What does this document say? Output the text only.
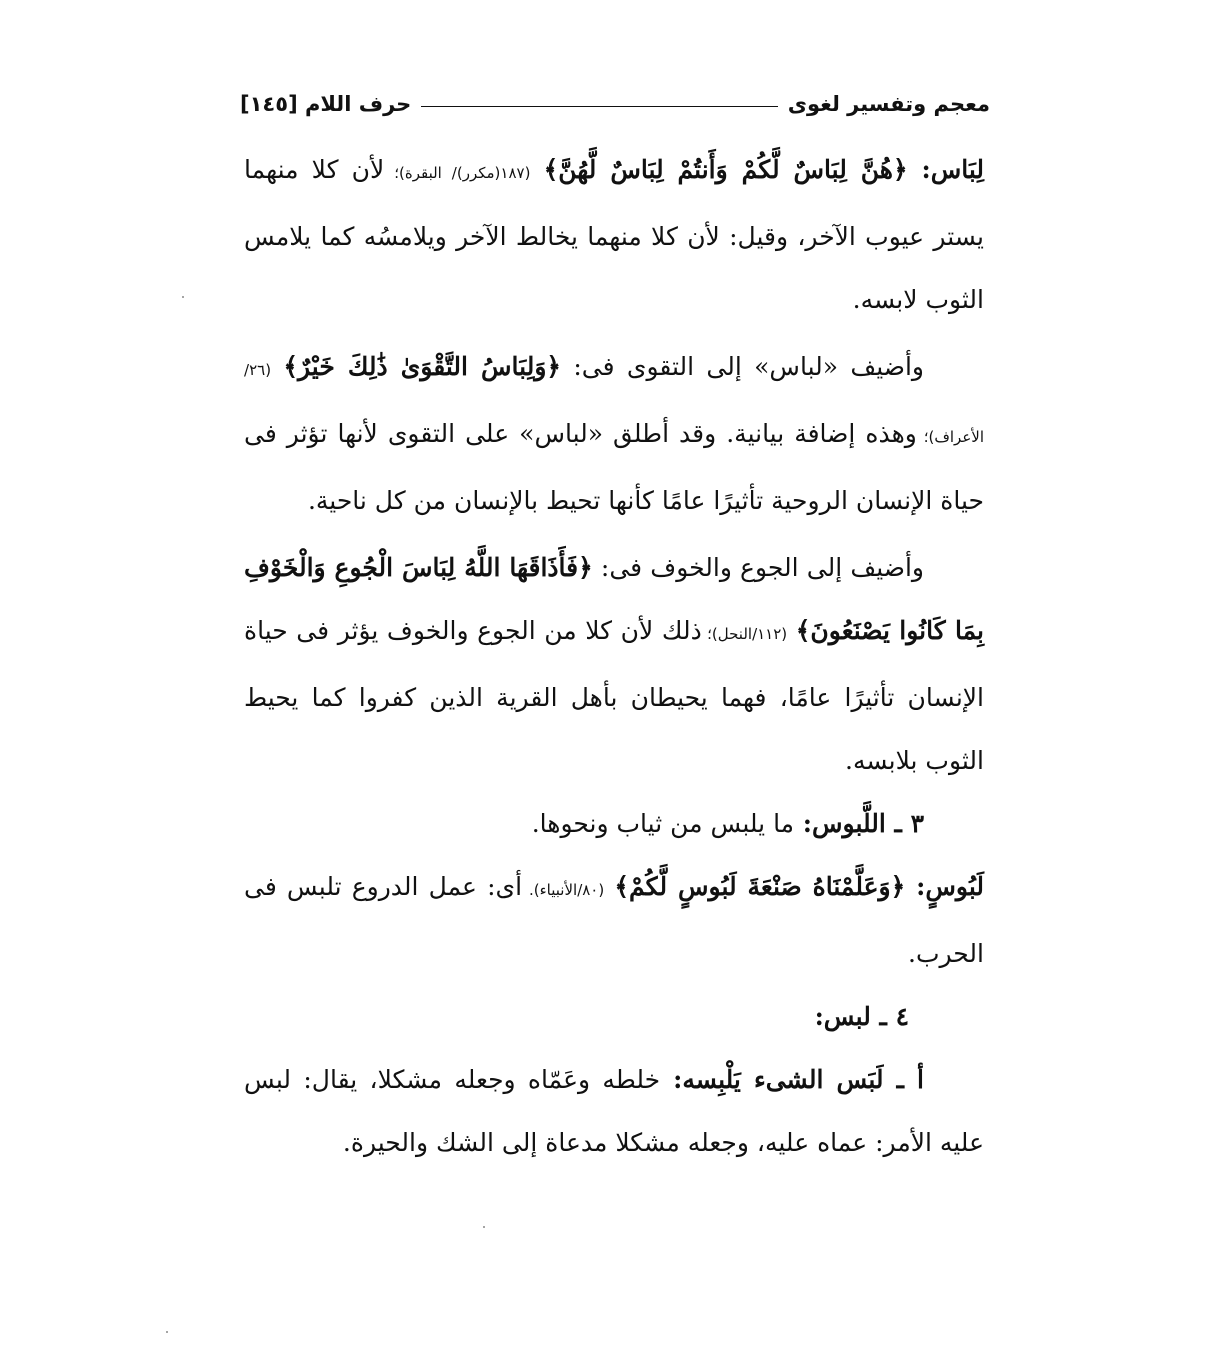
معجم وتفسير لغوى
حرف اللام [١٤٥]

لِبَاس: ﴿هُنَّ لِبَاسٌ لَّكُمْ وَأَنتُمْ لِبَاسٌ لَّهُنَّ﴾ (١٨٧(مكرر)/ البقرة)؛ لأن كلا منهما يستر عيوب الآخر، وقيل: لأن كلا منهما يخالط الآخر ويلامسُه كما يلامس الثوب لابسه.

وأضيف «لباس» إلى التقوى فى: ﴿وَلِبَاسُ التَّقْوَىٰ ذَٰلِكَ خَيْرٌ﴾ (٢٦/الأعراف)؛ وهذه إضافة بيانية. وقد أطلق «لباس» على التقوى لأنها تؤثر فى حياة الإنسان الروحية تأثيرًا عامًا كأنها تحيط بالإنسان من كل ناحية.

وأضيف إلى الجوع والخوف فى: ﴿فَأَذَاقَهَا اللَّهُ لِبَاسَ الْجُوعِ وَالْخَوْفِ بِمَا كَانُوا يَصْنَعُونَ﴾ (١١٢/النحل)؛ ذلك لأن كلا من الجوع والخوف يؤثر فى حياة الإنسان تأثيرًا عامًا، فهما يحيطان بأهل القرية الذين كفروا كما يحيط الثوب بلابسه.

٣ ـ اللَّبوس: ما يلبس من ثياب ونحوها.

لَبُوسٍ: ﴿وَعَلَّمْنَاهُ صَنْعَةَ لَبُوسٍ لَّكُمْ﴾ (٨٠/الأنبياء). أى: عمل الدروع تلبس فى الحرب.

٤ ـ لبس:

أ ـ لَبَس الشىء يَلْبِسه: خلطه وعَمّاه وجعله مشكلا، يقال: لبس عليه الأمر: عماه عليه، وجعله مشكلا مدعاة إلى الشك والحيرة.
